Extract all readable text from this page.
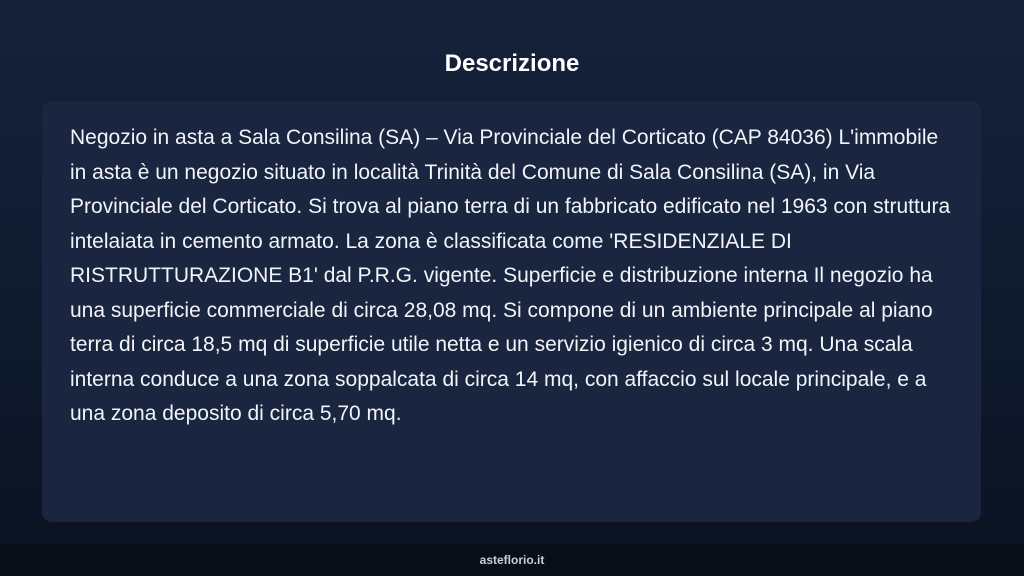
Descrizione

Negozio in asta a Sala Consilina (SA) – Via Provinciale del Corticato (CAP 84036) L'immobile in asta è un negozio situato in località Trinità del Comune di Sala Consilina (SA), in Via Provinciale del Corticato. Si trova al piano terra di un fabbricato edificato nel 1963 con struttura intelaiata in cemento armato. La zona è classificata come 'RESIDENZIALE DI RISTRUTTURAZIONE B1' dal P.R.G. vigente. Superficie e distribuzione interna Il negozio ha una superficie commerciale di circa 28,08 mq. Si compone di un ambiente principale al piano terra di circa 18,5 mq di superficie utile netta e un servizio igienico di circa 3 mq. Una scala interna conduce a una zona soppalcata di circa 14 mq, con affaccio sul locale principale, e a una zona deposito di circa 5,70 mq.

asteflorio.it
